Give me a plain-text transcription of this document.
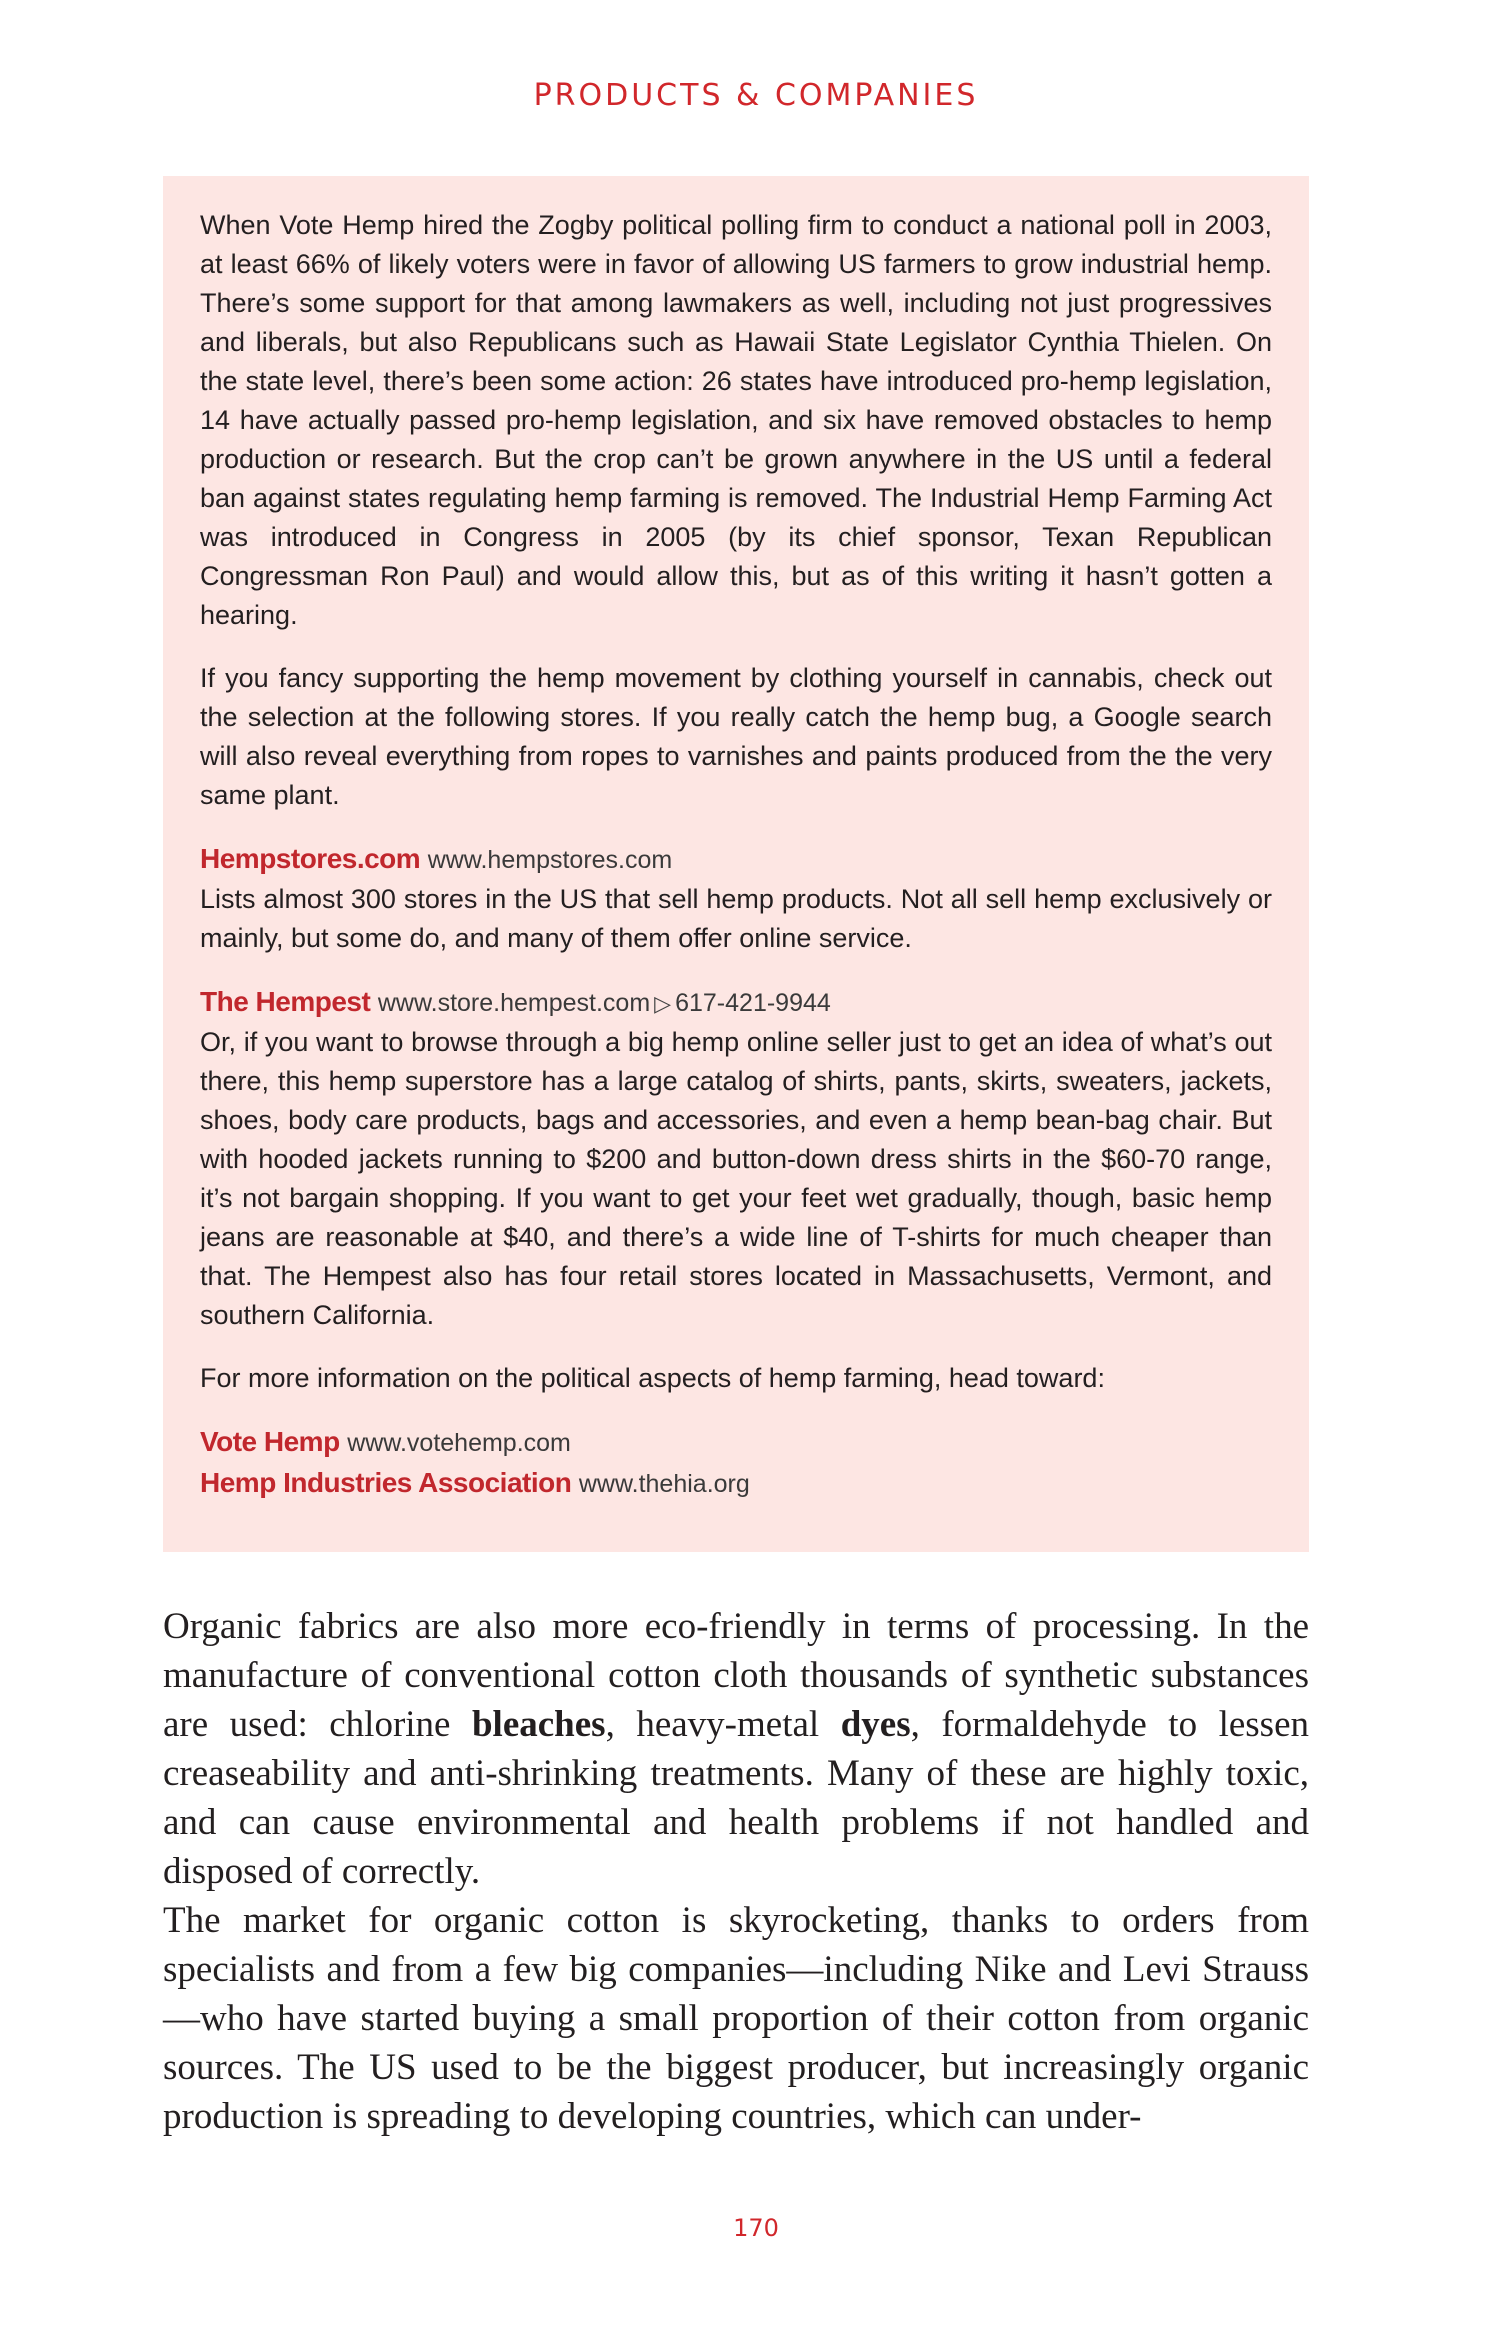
PRODUCTS & COMPANIES

When Vote Hemp hired the Zogby political polling firm to conduct a national poll in 2003, at least 66% of likely voters were in favor of allowing US farmers to grow industrial hemp. There’s some support for that among lawmakers as well, including not just progressives and liberals, but also Republicans such as Hawaii State Legislator Cynthia Thielen. On the state level, there’s been some action: 26 states have introduced pro-hemp legislation, 14 have actually passed pro-hemp legislation, and six have removed obstacles to hemp production or research. But the crop can’t be grown anywhere in the US until a federal ban against states regulating hemp farming is removed. The Industrial Hemp Farming Act was introduced in Congress in 2005 (by its chief sponsor, Texan Republican Congressman Ron Paul) and would allow this, but as of this writing it hasn’t gotten a hearing.

If you fancy supporting the hemp movement by clothing yourself in cannabis, check out the selection at the following stores. If you really catch the hemp bug, a Google search will also reveal everything from ropes to varnishes and paints produced from the the very same plant.

Hempstores.com www.hempstores.com
Lists almost 300 stores in the US that sell hemp products. Not all sell hemp exclusively or mainly, but some do, and many of them offer online service.
The Hempest www.store.hempest.com ▷ 617-421-9944
Or, if you want to browse through a big hemp online seller just to get an idea of what’s out there, this hemp superstore has a large catalog of shirts, pants, skirts, sweaters, jackets, shoes, body care products, bags and accessories, and even a hemp bean-bag chair. But with hooded jackets running to $200 and button-down dress shirts in the $60-70 range, it’s not bargain shopping. If you want to get your feet wet gradually, though, basic hemp jeans are reasonable at $40, and there’s a wide line of T-shirts for much cheaper than that. The Hempest also has four retail stores located in Massachusetts, Vermont, and southern California.

For more information on the political aspects of hemp farming, head toward:

Vote Hemp www.votehemp.com
Hemp Industries Association www.thehia.org

Organic fabrics are also more eco-friendly in terms of processing. In the manufacture of conventional cotton cloth thousands of synthetic substances are used: chlorine bleaches, heavy-metal dyes, formaldehyde to lessen creaseability and anti-shrinking treatments. Many of these are highly toxic, and can cause environmental and health problems if not handled and disposed of correctly.

The market for organic cotton is skyrocketing, thanks to orders from specialists and from a few big companies—including Nike and Levi Strauss—who have started buying a small proportion of their cotton from organic sources. The US used to be the biggest producer, but increasingly organic production is spreading to developing countries, which can under-

170
